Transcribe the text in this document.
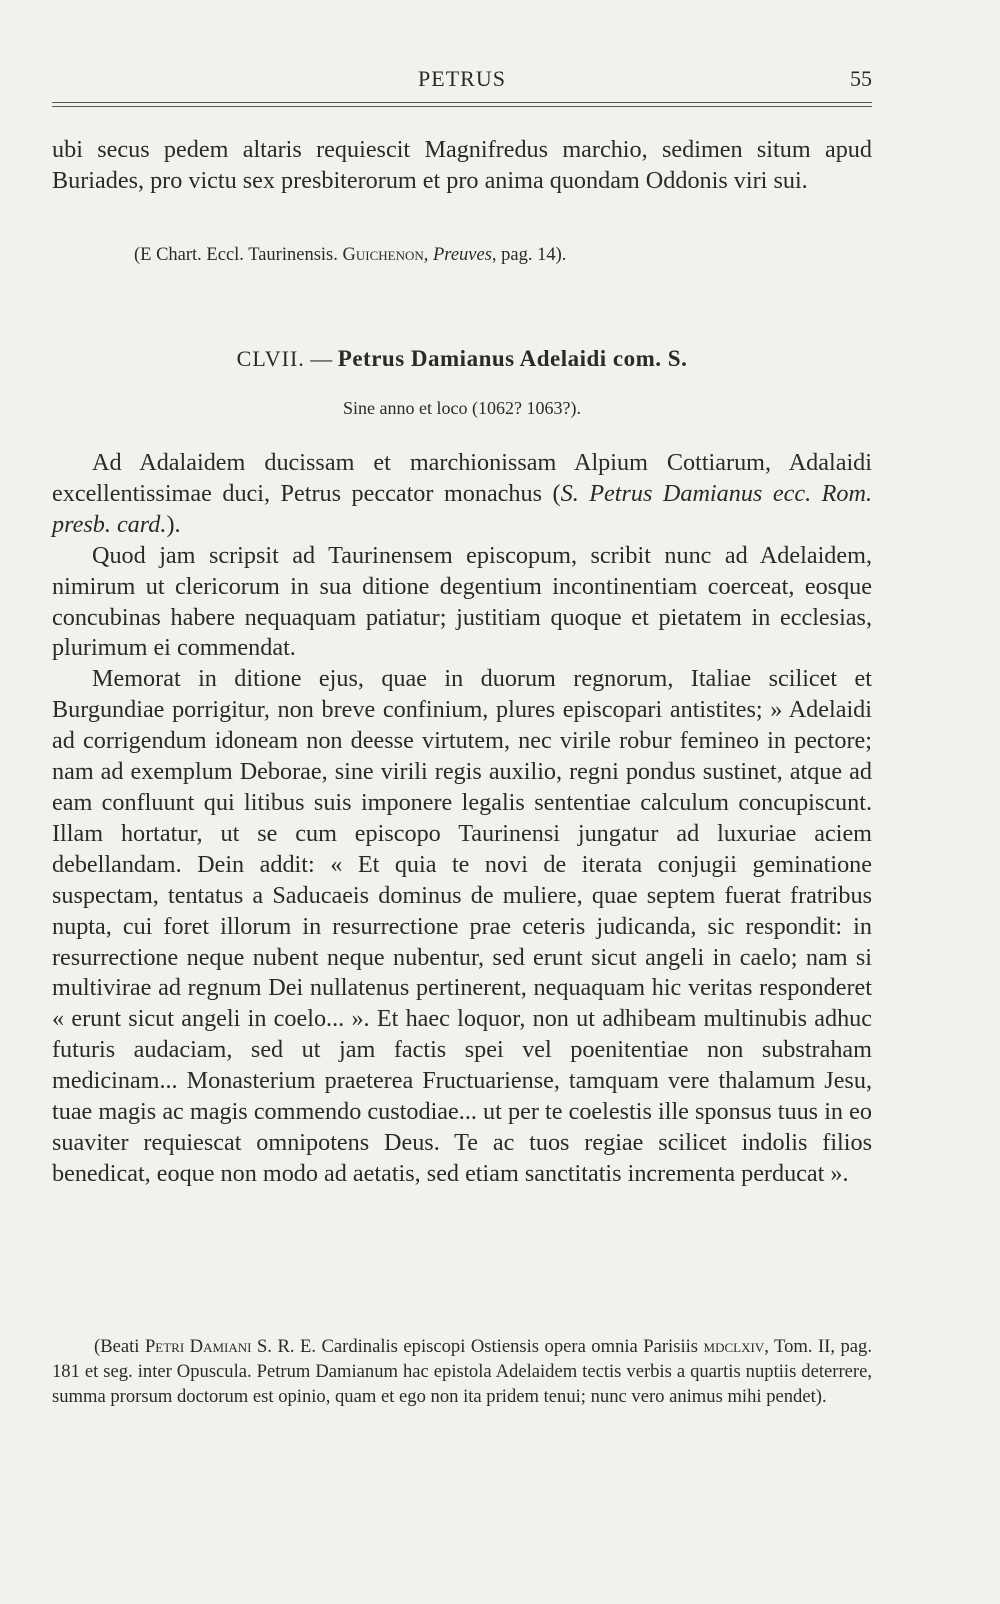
PETRUS	55

ubi secus pedem altaris requiescit Magnifredus marchio, sedimen situm apud Buriades, pro victu sex presbiterorum et pro anima quondam Oddonis viri sui.

(E Chart. Eccl. Taurinensis. Guichenon, Preuves, pag. 14).
CLVII. — Petrus Damianus Adelaidi com. S.
Sine anno et loco (1062? 1063?).

Ad Adalaidem ducissam et marchionissam Alpium Cottiarum, Adalaidi excellentissimae duci, Petrus peccator monachus (S. Petrus Damianus ecc. Rom. presb. card.).

Quod jam scripsit ad Taurinensem episcopum, scribit nunc ad Adelaidem, nimirum ut clericorum in sua ditione degentium incontinentiam coerceat, eosque concubinas habere nequaquam patiatur; justitiam quoque et pietatem in ecclesias, plurimum ei commendat.

Memorat in ditione ejus, quae in duorum regnorum, Italiae scilicet et Burgundiae porrigitur, non breve confinium, plures episcopari antistites; » Adelaidi ad corrigendum idoneam non deesse virtutem, nec virile robur femineo in pectore; nam ad exemplum Deborae, sine virili regis auxilio, regni pondus sustinet, atque ad eam confluunt qui litibus suis imponere legalis sententiae calculum concupiscunt. Illam hortatur, ut se cum episcopo Taurinensi jungatur ad luxuriae aciem debellandam. Dein addit: « Et quia te novi de iterata conjugii geminatione suspectam, tentatus a Saducaeis dominus de muliere, quae septem fuerat fratribus nupta, cui foret illorum in resurrectione prae ceteris judicanda, sic respondit: in resurrectione neque nubent neque nubentur, sed erunt sicut angeli in caelo; nam si multivirae ad regnum Dei nullatenus pertinerent, nequaquam hic veritas responderet « erunt sicut angeli in coelo... ». Et haec loquor, non ut adhibeam multinubis adhuc futuris audaciam, sed ut jam factis spei vel poenitentiae non substraham medicinam... Monasterium praeterea Fructuariense, tamquam vere thalamum Jesu, tuae magis ac magis commendo custodiae... ut per te coelestis ille sponsus tuus in eo suaviter requiescat omnipotens Deus. Te ac tuos regiae scilicet indolis filios benedicat, eoque non modo ad aetatis, sed etiam sanctitatis incrementa perducat ».

(Beati Petri Damiani S. R. E. Cardinalis episcopi Ostiensis opera omnia Parisiis mdclxiv, Tom. II, pag. 181 et seg. inter Opuscula. Petrum Damianum hac epistola Adelaidem tectis verbis a quartis nuptiis deterrere, summa prorsum doctorum est opinio, quam et ego non ita pridem tenui; nunc vero animus mihi pendet).
